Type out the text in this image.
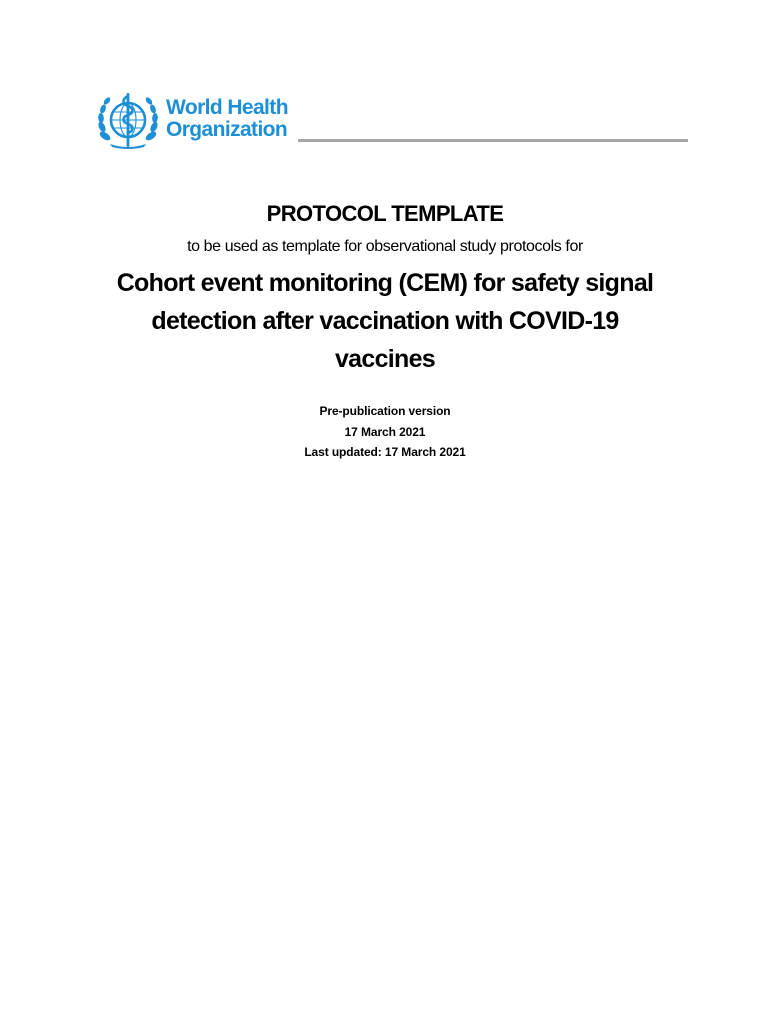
World Health
Organization
PROTOCOL TEMPLATE
to be used as template for observational study protocols for
Cohort event monitoring (CEM) for safety signal
detection after vaccination with COVID-19
vaccines
Pre-publication version
17 March 2021
Last updated: 17 March 2021
